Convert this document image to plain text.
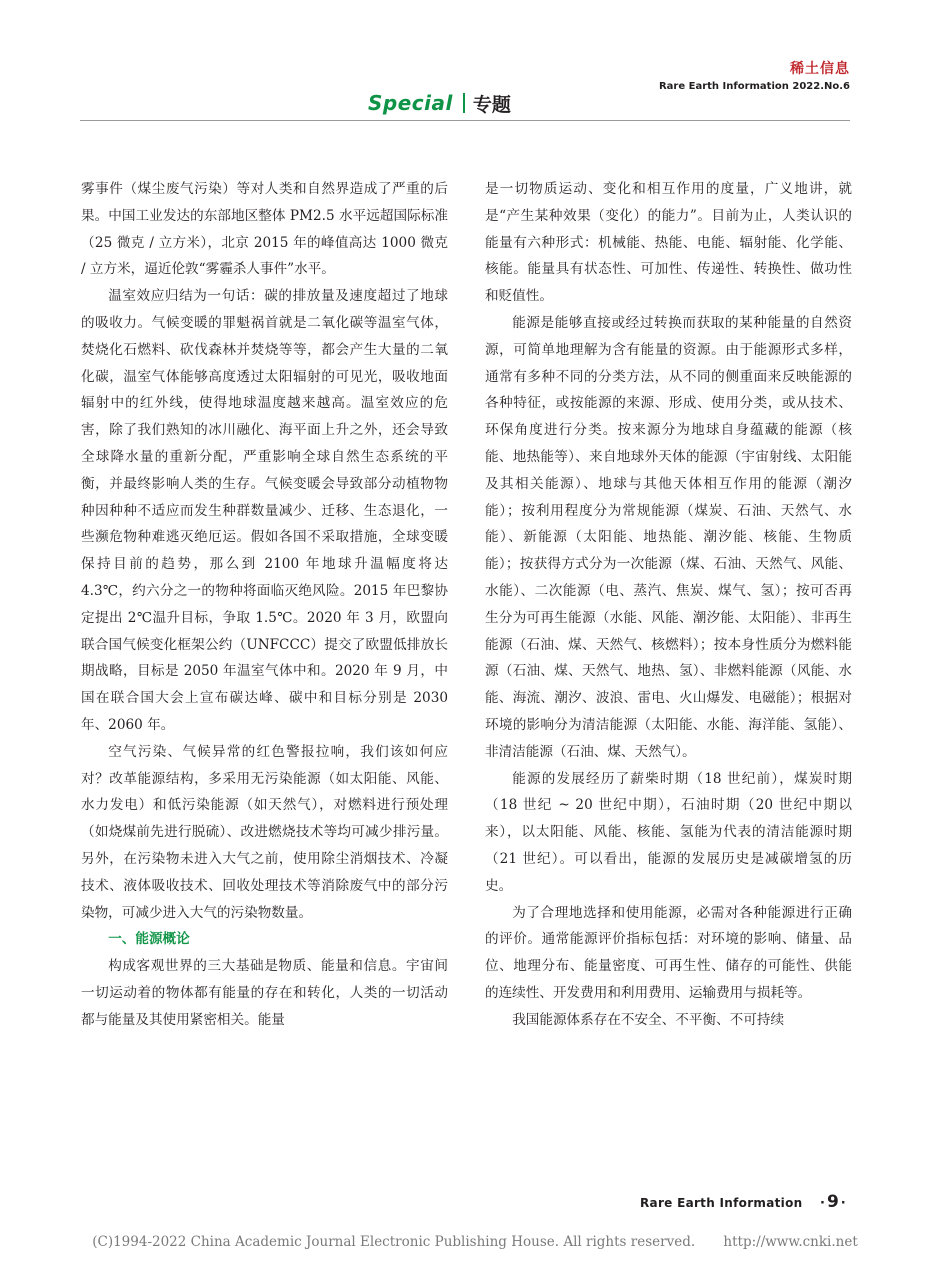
稀土信息
Rare Earth Information 2022.No.6
Special 专题

雾事件（煤尘废气污染）等对人类和自然界造成了严重的后果。中国工业发达的东部地区整体 PM2.5 水平远超国际标准（25 微克 / 立方米），北京 2015 年的峰值高达 1000 微克 / 立方米，逼近伦敦“雾霾杀人事件”水平。

温室效应归结为一句话：碳的排放量及速度超过了地球的吸收力。气候变暖的罪魁祸首就是二氧化碳等温室气体，焚烧化石燃料、砍伐森林并焚烧等等，都会产生大量的二氧化碳，温室气体能够高度透过太阳辐射的可见光，吸收地面辐射中的红外线，使得地球温度越来越高。温室效应的危害，除了我们熟知的冰川融化、海平面上升之外，还会导致全球降水量的重新分配，严重影响全球自然生态系统的平衡，并最终影响人类的生存。气候变暖会导致部分动植物物种因种种不适应而发生种群数量减少、迁移、生态退化，一些濒危物种难逃灭绝厄运。假如各国不采取措施，全球变暖保持目前的趋势，那么到 2100 年地球升温幅度将达 4.3℃，约六分之一的物种将面临灭绝风险。2015 年巴黎协定提出 2℃温升目标，争取 1.5℃。2020 年 3 月，欧盟向联合国气候变化框架公约（UNFCCC）提交了欧盟低排放长期战略，目标是 2050 年温室气体中和。2020 年 9 月，中国在联合国大会上宣布碳达峰、碳中和目标分别是 2030 年、2060 年。

空气污染、气候异常的红色警报拉响，我们该如何应对？改革能源结构，多采用无污染能源（如太阳能、风能、水力发电）和低污染能源（如天然气），对燃料进行预处理（如烧煤前先进行脱硫）、改进燃烧技术等均可减少排污量。另外，在污染物未进入大气之前，使用除尘消烟技术、冷凝技术、液体吸收技术、回收处理技术等消除废气中的部分污染物，可减少进入大气的污染物数量。

一、能源概论

构成客观世界的三大基础是物质、能量和信息。宇宙间一切运动着的物体都有能量的存在和转化，人类的一切活动都与能量及其使用紧密相关。能量

是一切物质运动、变化和相互作用的度量，广义地讲，就是“产生某种效果（变化）的能力”。目前为止，人类认识的能量有六种形式：机械能、热能、电能、辐射能、化学能、核能。能量具有状态性、可加性、传递性、转换性、做功性和贬值性。

能源是能够直接或经过转换而获取的某种能量的自然资源，可简单地理解为含有能量的资源。由于能源形式多样，通常有多种不同的分类方法，从不同的侧重面来反映能源的各种特征，或按能源的来源、形成、使用分类，或从技术、环保角度进行分类。按来源分为地球自身蕴藏的能源（核能、地热能等）、来自地球外天体的能源（宇宙射线、太阳能及其相关能源）、地球与其他天体相互作用的能源（潮汐能）；按利用程度分为常规能源（煤炭、石油、天然气、水能）、新能源（太阳能、地热能、潮汐能、核能、生物质能）；按获得方式分为一次能源（煤、石油、天然气、风能、水能）、二次能源（电、蒸汽、焦炭、煤气、氢）；按可否再生分为可再生能源（水能、风能、潮汐能、太阳能）、非再生能源（石油、煤、天然气、核燃料）；按本身性质分为燃料能源（石油、煤、天然气、地热、氢）、非燃料能源（风能、水能、海流、潮汐、波浪、雷电、火山爆发、电磁能）；根据对环境的影响分为清洁能源（太阳能、水能、海洋能、氢能）、非清洁能源（石油、煤、天然气）。

能源的发展经历了薪柴时期（18 世纪前），煤炭时期（18 世纪 ~ 20 世纪中期），石油时期（20 世纪中期以来），以太阳能、风能、核能、氢能为代表的清洁能源时期（21 世纪）。可以看出，能源的发展历史是减碳增氢的历史。

为了合理地选择和使用能源，必需对各种能源进行正确的评价。通常能源评价指标包括：对环境的影响、储量、品位、地理分布、能量密度、可再生性、储存的可能性、供能的连续性、开发费用和利用费用、运输费用与损耗等。

我国能源体系存在不安全、不平衡、不可持续

Rare Earth Information
·	9 ·
(C)1994-2022 China Academic Journal Electronic Publishing House. All rights reserved. http://www.cnki.net
